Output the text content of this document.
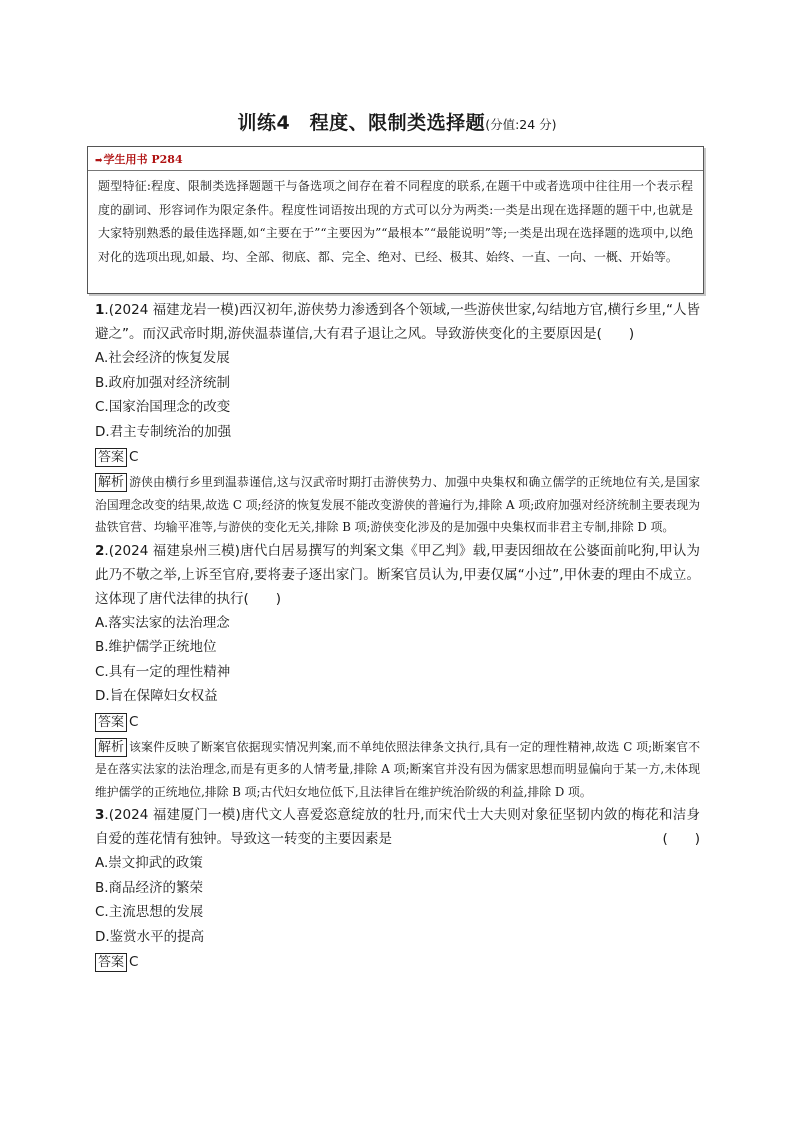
训练4　程度、限制类选择题(分值:24 分)
➡学生用书 P284
题型特征:程度、限制类选择题题干与备选项之间存在着不同程度的联系,在题干中或者选项中往往用一个表示程度的副词、形容词作为限定条件。程度性词语按出现的方式可以分为两类:一类是出现在选择题的题干中,也就是大家特别熟悉的最佳选择题,如“主要在于”“主要因为”“最根本”“最能说明”等;一类是出现在选择题的选项中,以绝对化的选项出现,如最、均、全部、彻底、都、完全、绝对、已经、极其、始终、一直、一向、一概、开始等。

1.(2024 福建龙岩一模)西汉初年,游侠势力渗透到各个领域,一些游侠世家,勾结地方官,横行乡里,“人皆避之”。而汉武帝时期,游侠温恭谨信,大有君子退让之风。导致游侠变化的主要原因是(　　)

A.社会经济的恢复发展
B.政府加强对经济统制
C.国家治国理念的改变
D.君主专制统治的加强
答案 C

解析 游侠由横行乡里到温恭谨信,这与汉武帝时期打击游侠势力、加强中央集权和确立儒学的正统地位有关,是国家治国理念改变的结果,故选 C 项;经济的恢复发展不能改变游侠的普遍行为,排除 A 项;政府加强对经济统制主要表现为盐铁官营、均输平准等,与游侠的变化无关,排除 B 项;游侠变化涉及的是加强中央集权而非君主专制,排除 D 项。

2.(2024 福建泉州三模)唐代白居易撰写的判案文集《甲乙判》载,甲妻因细故在公婆面前叱狗,甲认为此乃不敬之举,上诉至官府,要将妻子逐出家门。断案官员认为,甲妻仅属“小过”,甲休妻的理由不成立。这体现了唐代法律的执行(　　)

A.落实法家的法治理念
B.维护儒学正统地位
C.具有一定的理性精神
D.旨在保障妇女权益
答案 C

解析 该案件反映了断案官依据现实情况判案,而不单纯依照法律条文执行,具有一定的理性精神,故选 C 项;断案官不是在落实法家的法治理念,而是有更多的人情考量,排除 A 项;断案官并没有因为儒家思想而明显偏向于某一方,未体现维护儒学的正统地位,排除 B 项;古代妇女地位低下,且法律旨在维护统治阶级的利益,排除 D 项。

3.(2024 福建厦门一模)唐代文人喜爱恣意绽放的牡丹,而宋代士大夫则对象征坚韧内敛的梅花和洁身自爱的莲花情有独钟。导致这一转变的主要因素是	(　　)

A.崇文抑武的政策
B.商品经济的繁荣
C.主流思想的发展
D.鉴赏水平的提高
答案 C
